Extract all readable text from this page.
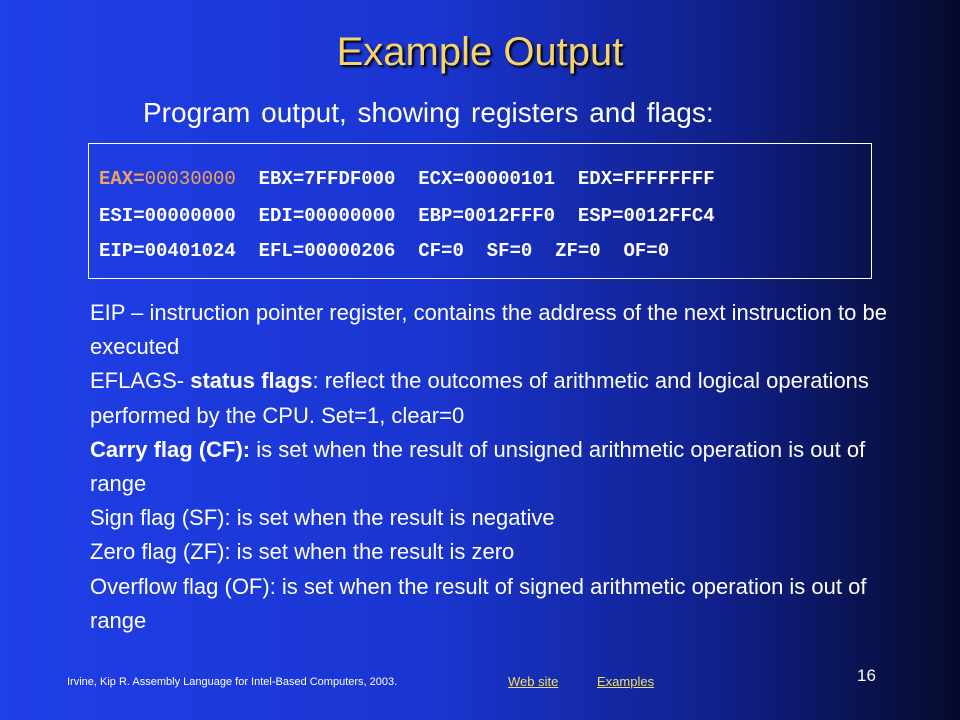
Example Output
Program output, showing registers and flags:
EAX=00030000  EBX=7FFDF000  ECX=00000101  EDX=FFFFFFFF
ESI=00000000  EDI=00000000  EBP=0012FFF0  ESP=0012FFC4
EIP=00401024  EFL=00000206  CF=0  SF=0  ZF=0  OF=0

EIP – instruction pointer register, contains the address of the next instruction to be executed

EFLAGS- status flags: reflect the outcomes of arithmetic and logical operations performed by the CPU. Set=1, clear=0

Carry flag (CF): is set when the result of unsigned arithmetic operation is out of range

Sign flag (SF): is set when the result is negative

Zero flag (ZF): is set when the result is zero

Overflow flag (OF): is set when the result of signed arithmetic operation is out of range

Irvine, Kip R. Assembly Language for Intel-Based Computers, 2003.	Web site	Examples	16
